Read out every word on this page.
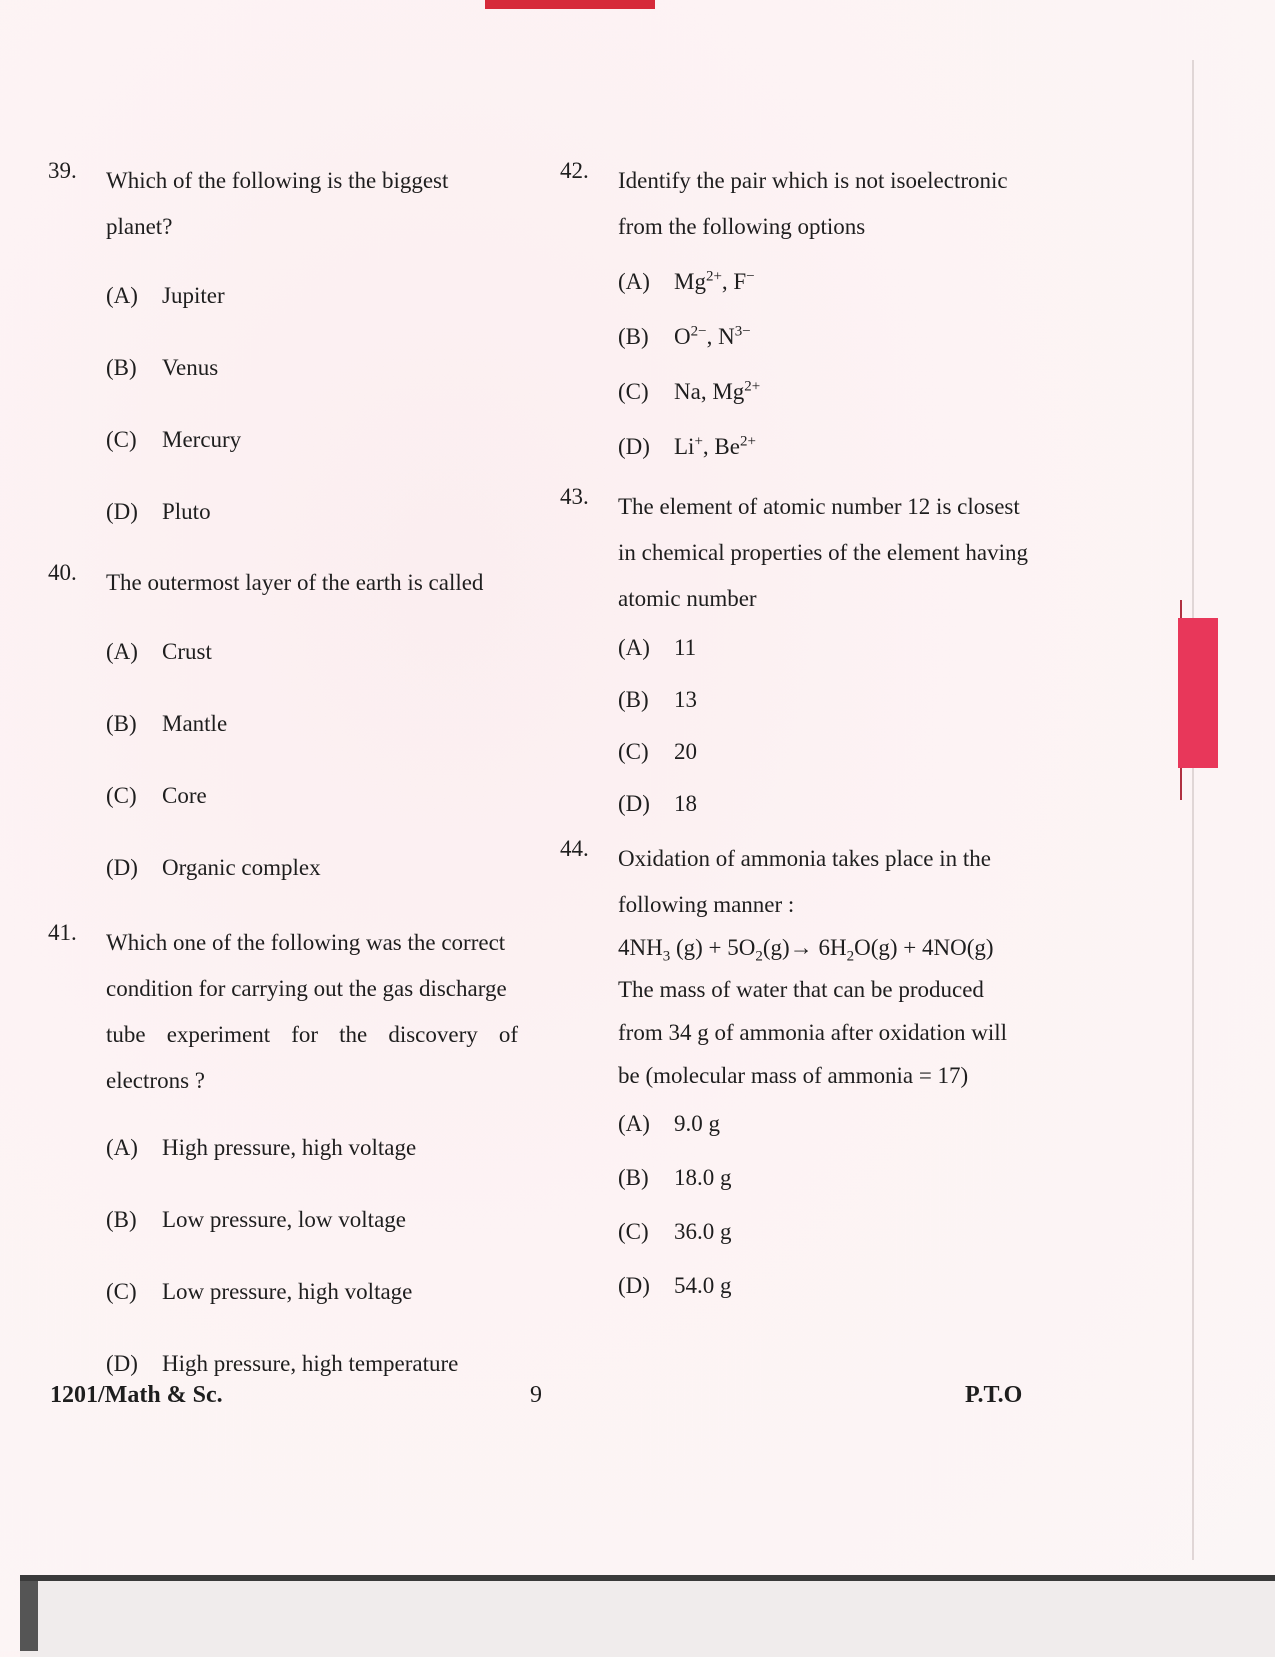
39. Which of the following is the biggest planet?
(A)	Jupiter
(B)	Venus
(C)	Mercury
(D)	Pluto
40. The outermost layer of the earth is called
(A)	Crust
(B)	Mantle
(C)	Core
(D)	Organic complex
41. Which one of the following was the correct
condition for carrying out the gas discharge
tube experiment for the discovery of
electrons ?
(A)	High pressure, high voltage
(B)	Low pressure, low voltage
(C)	Low pressure, high voltage
(D)	High pressure, high temperature
42. Identify the pair which is not isoelectronic
from the following options
(A)	$Mg^{2+}$, F−
(B)	$O^{2-}$, $N^{3-}$
(C)	Na, $Mg^{2+}$
(D)	Li+, $Be^{2+}$
43. The element of atomic number 12 is closest
in chemical properties of the element having
atomic number
(A)	11
(B)	13
(C)	20
(D)	18
44. Oxidation of ammonia takes place in the
following manner :
$4NH_3$ $(g) + 5O_2(g)\to 6H_2O(g) + 4NO(g)$
The mass of water that can be produced
from 34 g of ammonia after oxidation will
be (molecular mass of ammonia = 17)
(A)	9.0 g
(B)	18.0 g
(C)	36.0 g
(D)	54.0 g
1201/Math & Sc.	9	P.T.O
